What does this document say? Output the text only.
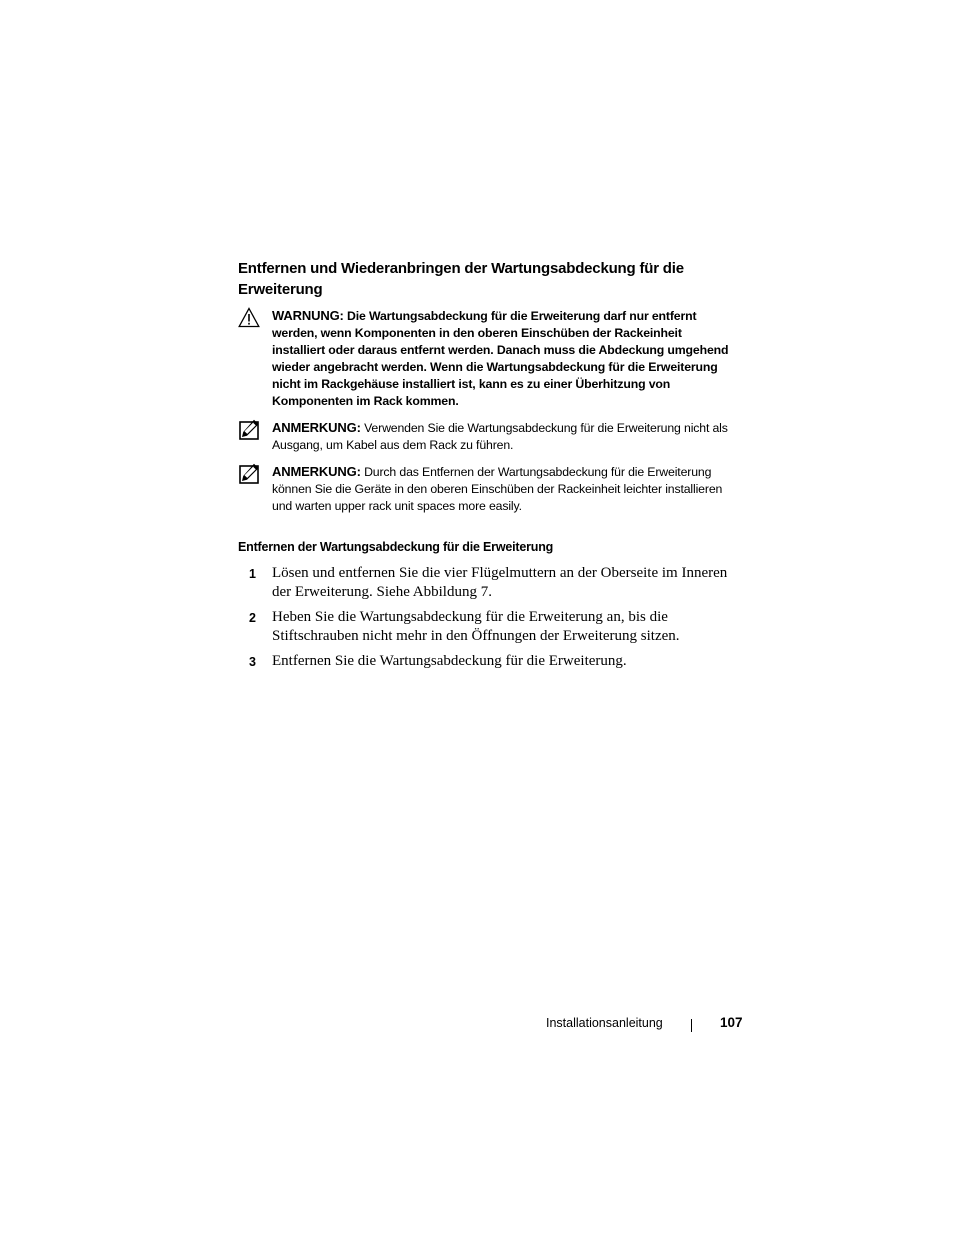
Entfernen und Wiederanbringen der Wartungsabdeckung für die Erweiterung
WARNUNG: Die Wartungsabdeckung für die Erweiterung darf nur entfernt werden, wenn Komponenten in den oberen Einschüben der Rackeinheit installiert oder daraus entfernt werden. Danach muss die Abdeckung umgehend wieder angebracht werden. Wenn die Wartungsabdeckung für die Erweiterung nicht im Rackgehäuse installiert ist, kann es zu einer Überhitzung von Komponenten im Rack kommen.
ANMERKUNG: Verwenden Sie die Wartungsabdeckung für die Erweiterung nicht als Ausgang, um Kabel aus dem Rack zu führen.
ANMERKUNG: Durch das Entfernen der Wartungsabdeckung für die Erweiterung können Sie die Geräte in den oberen Einschüben der Rackeinheit leichter installieren und warten upper rack unit spaces more easily.
Entfernen der Wartungsabdeckung für die Erweiterung
1 Lösen und entfernen Sie die vier Flügelmuttern an der Oberseite im Inneren der Erweiterung. Siehe Abbildung 7.
2 Heben Sie die Wartungsabdeckung für die Erweiterung an, bis die Stiftschrauben nicht mehr in den Öffnungen der Erweiterung sitzen.
3 Entfernen Sie die Wartungsabdeckung für die Erweiterung.
Installationsanleitung	107
